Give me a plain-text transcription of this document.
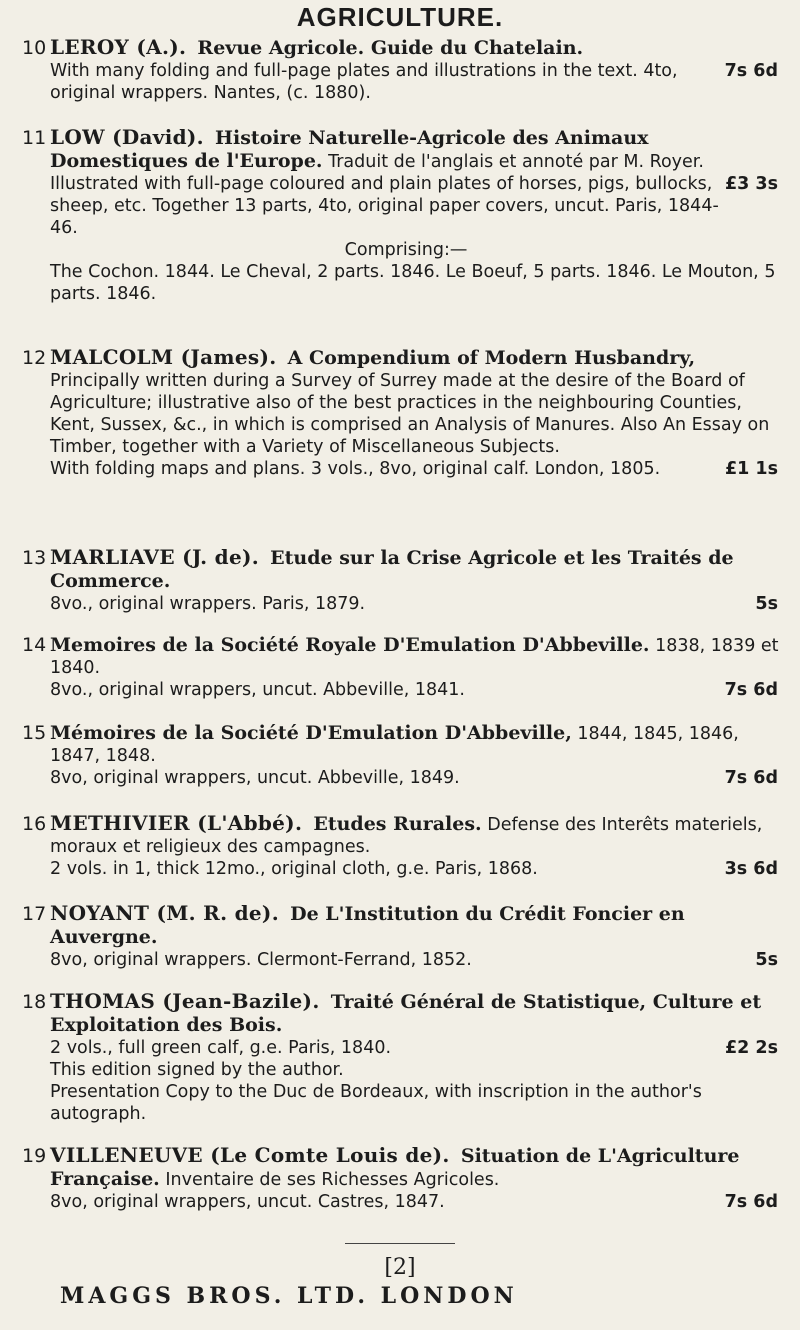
AGRICULTURE.

10 LEROY (A.). Revue Agricole. Guide du Chatelain.

With many folding and full-page plates and illustrations in the text. 4to, original wrappers. Nantes, (c. 1880).
7s 6d

11 LOW (David). Histoire Naturelle-Agricole des Animaux Domestiques de l'Europe. Traduit de l'anglais et annoté par M. Royer.

Illustrated with full-page coloured and plain plates of horses, pigs, bullocks, sheep, etc. Together 13 parts, 4to, original paper covers, uncut. Paris, 1844-46.
£3 3s

Comprising:—

The Cochon. 1844. Le Cheval, 2 parts. 1846. Le Boeuf, 5 parts. 1846. Le Mouton, 5 parts. 1846.

12 MALCOLM (James). A Compendium of Modern Husbandry, Principally written during a Survey of Surrey made at the desire of the Board of Agriculture; illustrative also of the best practices in the neighbouring Counties, Kent, Sussex, &c., in which is comprised an Analysis of Manures. Also An Essay on Timber, together with a Variety of Miscellaneous Subjects.

With folding maps and plans. 3 vols., 8vo, original calf. London, 1805.	£1 1s

13 MARLIAVE (J. de). Etude sur la Crise Agricole et les Traités de Commerce.

8vo., original wrappers. Paris, 1879.	5s

14 Memoires de la Société Royale D'Emulation D'Abbeville. 1838, 1839 et 1840.

8vo., original wrappers, uncut. Abbeville, 1841.	7s 6d

15 Mémoires de la Société D'Emulation D'Abbeville, 1844, 1845, 1846, 1847, 1848.

8vo, original wrappers, uncut. Abbeville, 1849.	7s 6d

16 METHIVIER (L'Abbé). Etudes Rurales. Defense des Interêts materiels, moraux et religieux des campagnes.

2 vols. in 1, thick 12mo., original cloth, g.e. Paris, 1868.	3s 6d

17 NOYANT (M. R. de). De L'Institution du Crédit Foncier en Auvergne.

8vo, original wrappers. Clermont-Ferrand, 1852.	5s

18 THOMAS (Jean-Bazile). Traité Général de Statistique, Culture et Exploitation des Bois.

2 vols., full green calf, g.e. Paris, 1840.	£2 2s

This edition signed by the author.

Presentation Copy to the Duc de Bordeaux, with inscription in the author's autograph.

19 VILLENEUVE (Le Comte Louis de). Situation de L'Agriculture Française. Inventaire de ses Richesses Agricoles.

8vo, original wrappers, uncut. Castres, 1847.	7s 6d
[2]
MAGGS BROS. LTD. LONDON
